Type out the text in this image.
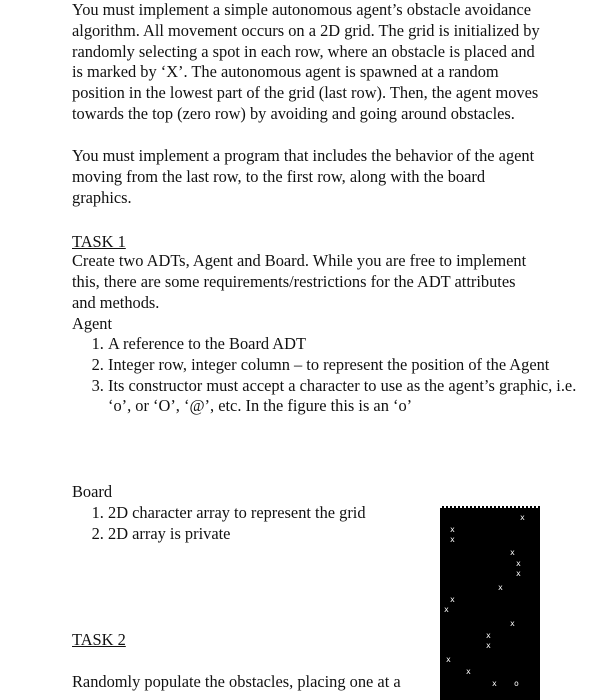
You must implement a simple autonomous agent’s obstacle avoidance algorithm. All movement occurs on a 2D grid. The grid is initialized by randomly selecting a spot in each row, where an obstacle is placed and is marked by ‘X’. The autonomous agent is spawned at a random position in the lowest part of the grid (last row). Then, the agent moves towards the top (zero row) by avoiding and going around obstacles.

You must implement a program that includes the behavior of the agent moving from the last row, to the first row, along with the board graphics.

TASK 1

Create two ADTs, Agent and Board. While you are free to implement this, there are some requirements/restrictions for the ADT attributes and methods.

Agent

1. A reference to the Board ADT
2. Integer row, integer column – to represent the position of the Agent
3. Its constructor must accept a character to use as the agent’s graphic, i.e. ‘o’, or ‘O’, ‘@’, etc. In the figure this is an ‘o’

Board

1. 2D character array to represent the grid
2. 2D array is private

TASK 2

Randomly populate the obstacles, placing one at a

x
x
x
x
x
x
x
x
x
x
x
x
x
x
x o
